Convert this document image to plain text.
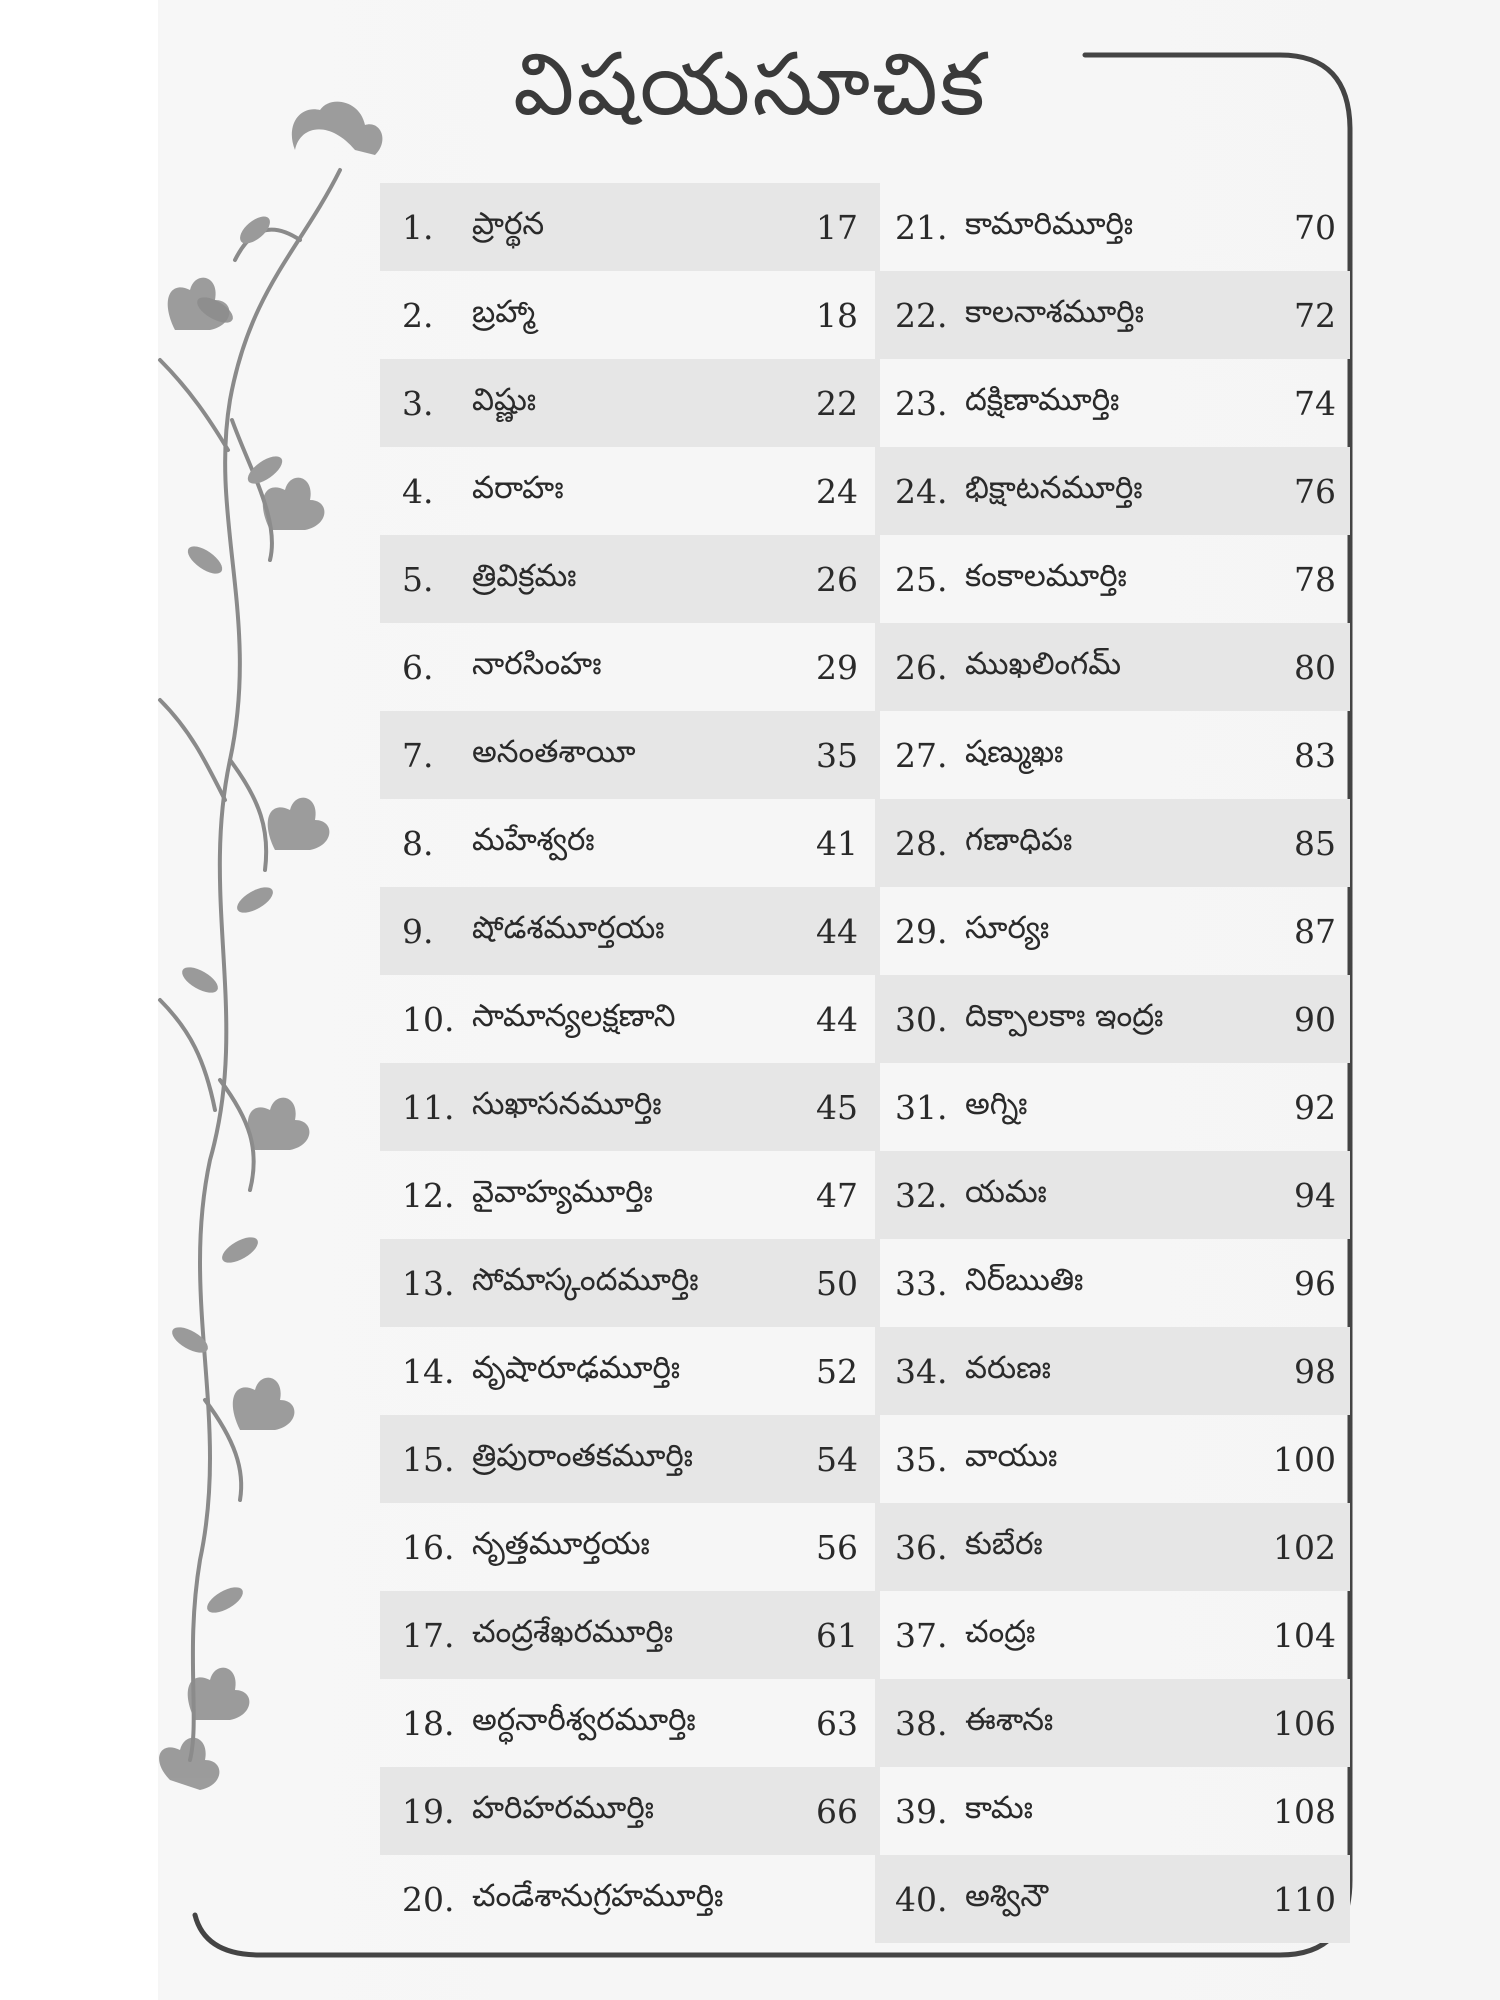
విషయసూచిక
1.	ప్రార్థన	17
2.	బ్రహ్మా	18
3.	విష్ణుః	22
4.	వరాహః	24
5.	త్రివిక్రమః	26
6.	నారసింహః	29
7.	అనంతశాయీ	35
8.	మహేశ్వరః	41
9.	షోడశమూర్తయః	44
10. సామాన్యలక్షణాని	44
11. సుఖాసనమూర్తిః	45
12. వైవాహ్యమూర్తిః	47
13. సోమాస్కందమూర్తిః	50
14. వృషారూఢమూర్తిః	52
15. త్రిపురాంతకమూర్తిః	54
16. నృత్తమూర్తయః	56
17. చంద్రశేఖరమూర్తిః	61
18. అర్ధనారీశ్వరమూర్తిః	63
19. హరిహరమూర్తిః	66
20. చండేశానుగ్రహమూర్తిః
21. కామారిమూర్తిః	70
22. కాలనాశమూర్తిః	72
23. దక్షిణామూర్తిః	74
24. భిక్షాటనమూర్తిః	76
25. కంకాలమూర్తిః	78
26. ముఖలింగమ్	80
27. షణ్ముఖః	83
28. గణాధిపః	85
29. సూర్యః	87
30. దిక్పాలకాః ఇంద్రః	90
31. అగ్నిః	92
32. యమః	94
33. నిర్ఋతిః	96
34. వరుణః	98
35. వాయుః	100
36. కుబేరః	102
37. చంద్రః	104
38. ఈశానః	106
39. కామః	108
40. అశ్వినౌ	110
